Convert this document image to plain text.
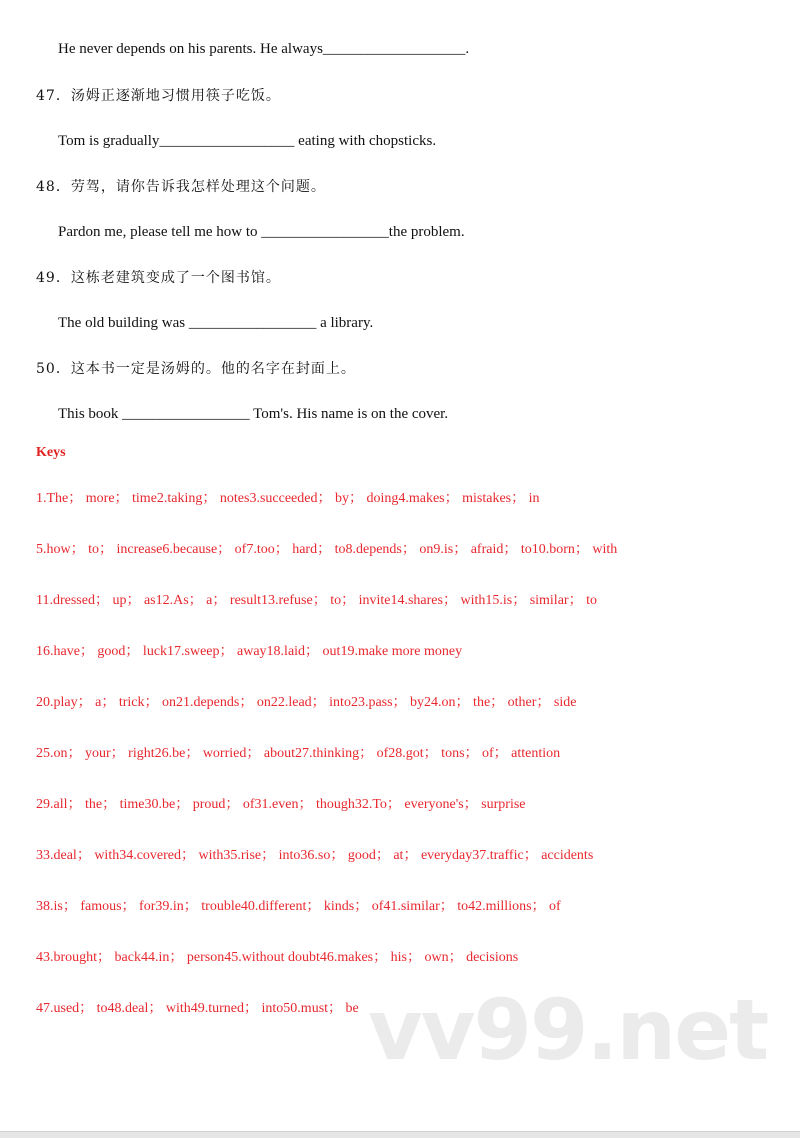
He never depends on his parents. He always___________________.
47．汤姆正逐渐地习惯用筷子吃饭。
Tom is gradually__________________ eating with chopsticks.
48．劳驾，请你告诉我怎样处理这个问题。
Pardon me, please tell me how to _________________the problem.
49．这栋老建筑变成了一个图书馆。
The old building was _________________ a library.
50．这本书一定是汤姆的。他的名字在封面上。
This book _________________ Tom's. His name is on the cover.
Keys
1.The； more； time2.taking； notes3.succeeded； by； doing4.makes； mistakes； in
5.how； to； increase6.because； of7.too； hard； to8.depends； on9.is； afraid； to10.born； with
11.dressed； up； as12.As； a； result13.refuse； to； invite14.shares； with15.is； similar； to
16.have； good； luck17.sweep； away18.laid； out19.make more money
20.play； a； trick； on21.depends； on22.lead； into23.pass； by24.on； the； other； side
25.on； your； right26.be； worried； about27.thinking； of28.got； tons； of； attention
29.all； the； time30.be； proud； of31.even； though32.To； everyone's； surprise
33.deal； with34.covered； with35.rise； into36.so； good； at； everyday37.traffic； accidents
38.is； famous； for39.in； trouble40.different； kinds； of41.similar； to42.millions； of
43.brought； back44.in； person45.without doubt46.makes； his； own； decisions
47.used； to48.deal； with49.turned； into50.must； be vv99.net
